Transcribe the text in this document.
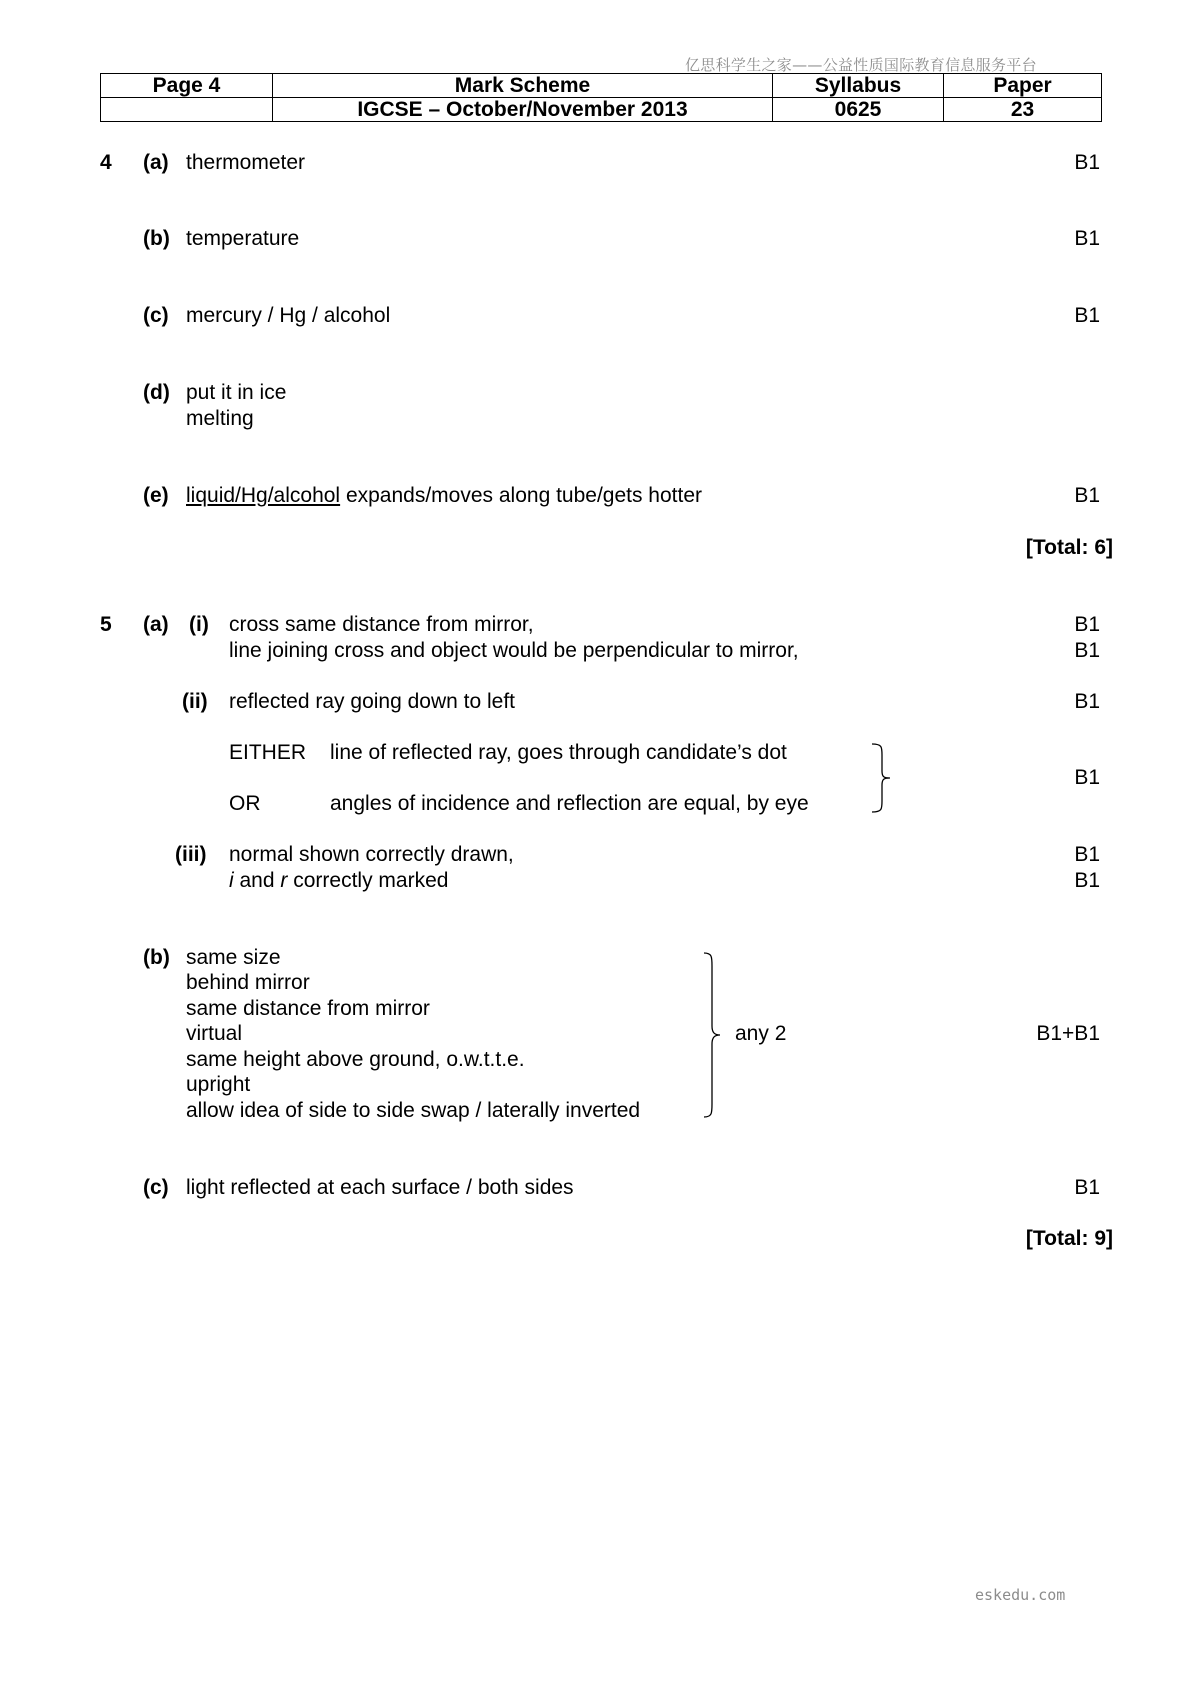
亿思科学生之家——公益性质国际教育信息服务平台
eskedu.com
Page 4	Mark Scheme	Syllabus	Paper
	IGCSE – October/November 2013	0625	23
4 (a) thermometer	B1
(b) temperature	B1
(c) mercury / Hg / alcohol	B1
(d) put it in ice
melting
(e) liquid/Hg/alcohol expands/moves along tube/gets hotter	B1
[Total: 6]
5 (a) (i) cross same distance from mirror,	B1
line joining cross and object would be perpendicular to mirror,	B1
(ii) reflected ray going down to left	B1
EITHER line of reflected ray, goes through candidate’s dot
OR	angles of incidence and reflection are equal, by eye
B1
(iii) normal shown correctly drawn,	B1
i and r correctly marked	B1
(b) same size
behind mirror
same distance from mirror
virtual
same height above ground, o.w.t.t.e.
upright
allow idea of side to side swap / laterally inverted
any 2	B1+B1
(c) light reflected at each surface / both sides	B1
[Total: 9]
